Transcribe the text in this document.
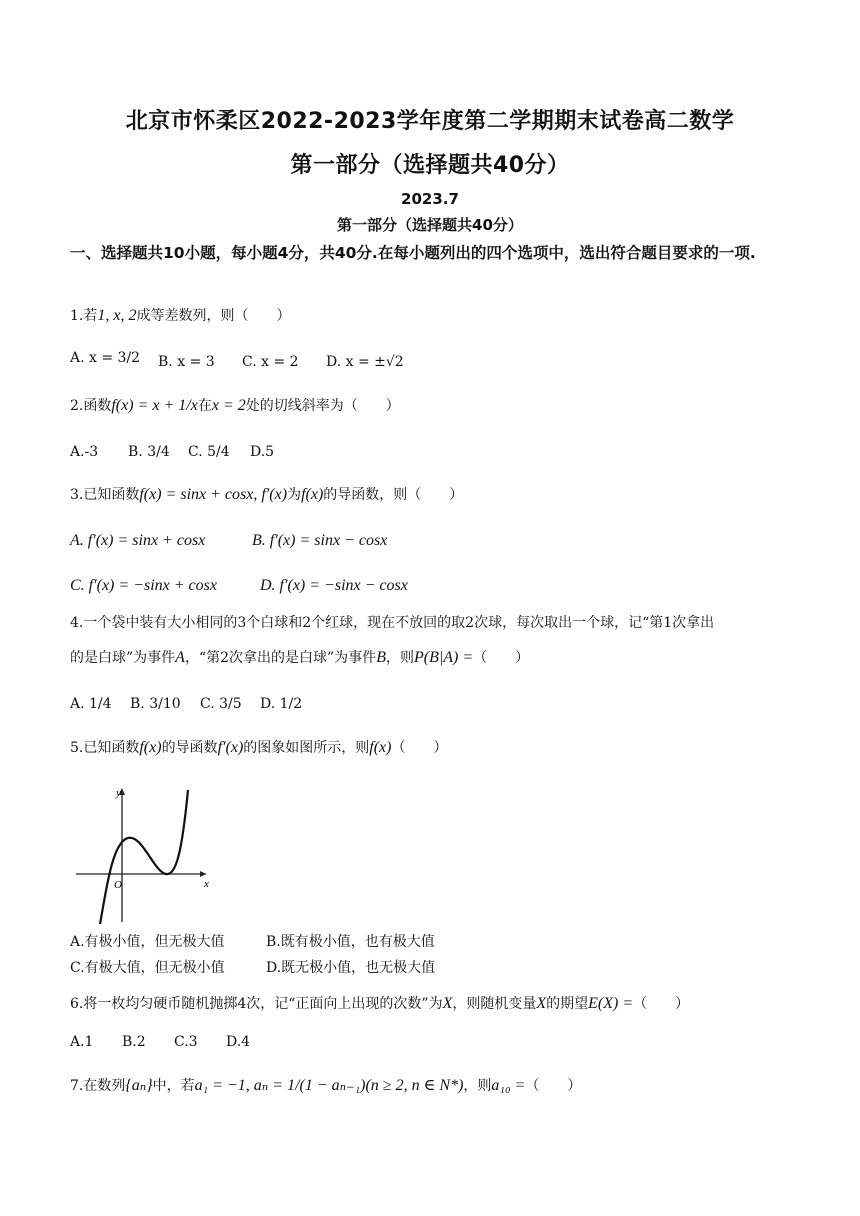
北京市怀柔区2022-2023学年度第二学期期末试卷高二数学
第一部分（选择题共40分）
2023.7
第一部分（选择题共40分）
一、选择题共10小题，每小题4分，共40分.在每小题列出的四个选项中，选出符合题目要求的一项.
1.若1, x, 2成等差数列，则（　　）
A. x = 3/2 B. x = 3 C. x = 2 D. x = ±√2
2.函数f(x) = x + 1/x在x = 2处的切线斜率为（　　）
A.-3 B. 3/4 C. 5/4 D.5
3.已知函数f(x) = sinx + cosx, f′(x)为f(x)的导函数，则（　　）
A. f′(x) = sinx + cosx	B. f′(x) = sinx − cosx
C. f′(x) = −sinx + cosx	D. f′(x) = −sinx − cosx
4.一个袋中装有大小相同的3个白球和2个红球，现在不放回的取2次球，每次取出一个球，记“第1次拿出
的是白球”为事件A，“第2次拿出的是白球”为事件B，则P(B|A) =（　　）
A. 1/4 B. 3/10 C. 3/5 D. 1/2
5.已知函数f(x)的导函数f′(x)的图象如图所示，则f(x)（　　）
y
x
O
A.有极小值，但无极大值	B.既有极小值，也有极大值
C.有极大值，但无极小值	D.既无极小值，也无极大值
6.将一枚均匀硬币随机抛掷4次，记“正面向上出现的次数”为X，则随机变量X的期望E(X) =（　　）
A.1 B.2 C.3 D.4
7.在数列{aₙ}中，若a₁ = −1, aₙ = 1/(1 − aₙ₋₁)(n ≥ 2, n ∈ N*)，则a₁₀ =（　　）
